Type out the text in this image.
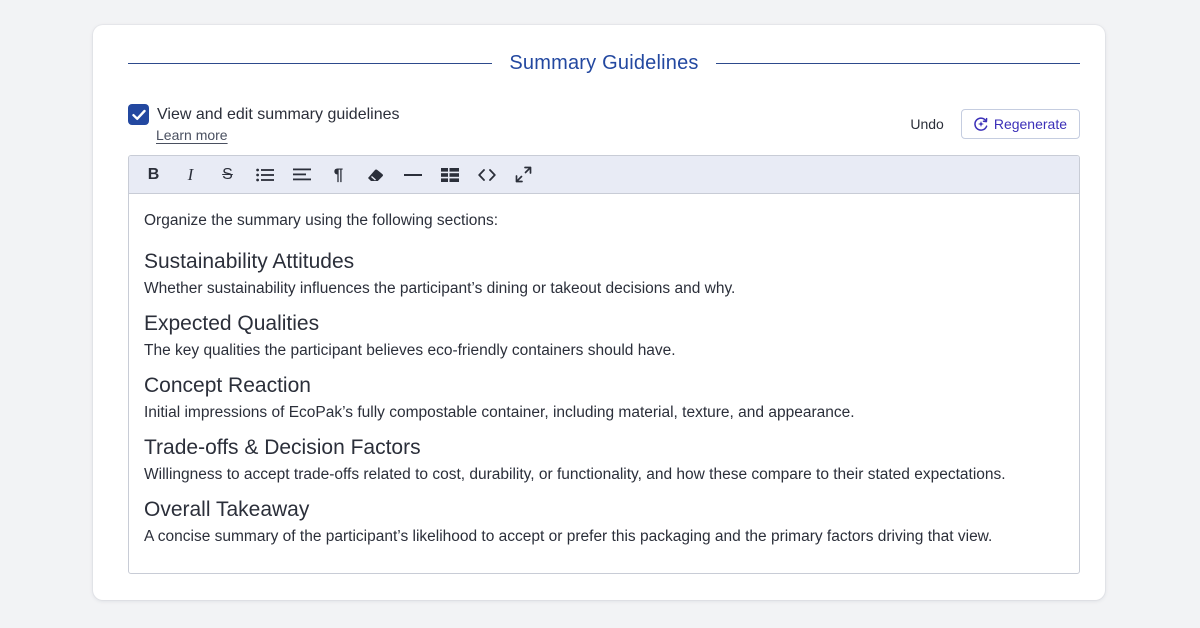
Summary Guidelines
View and edit summary guidelines
Learn more
Undo	Regenerate
B I S	¶

Organize the summary using the following sections:

Sustainability Attitudes
Whether sustainability influences the participant’s dining or takeout decisions and why.
Expected Qualities
The key qualities the participant believes eco-friendly containers should have.
Concept Reaction
Initial impressions of EcoPak’s fully compostable container, including material, texture, and appearance.
Trade-offs & Decision Factors
Willingness to accept trade-offs related to cost, durability, or functionality, and how these compare to their stated expectations.
Overall Takeaway
A concise summary of the participant’s likelihood to accept or prefer this packaging and the primary factors driving that view.
